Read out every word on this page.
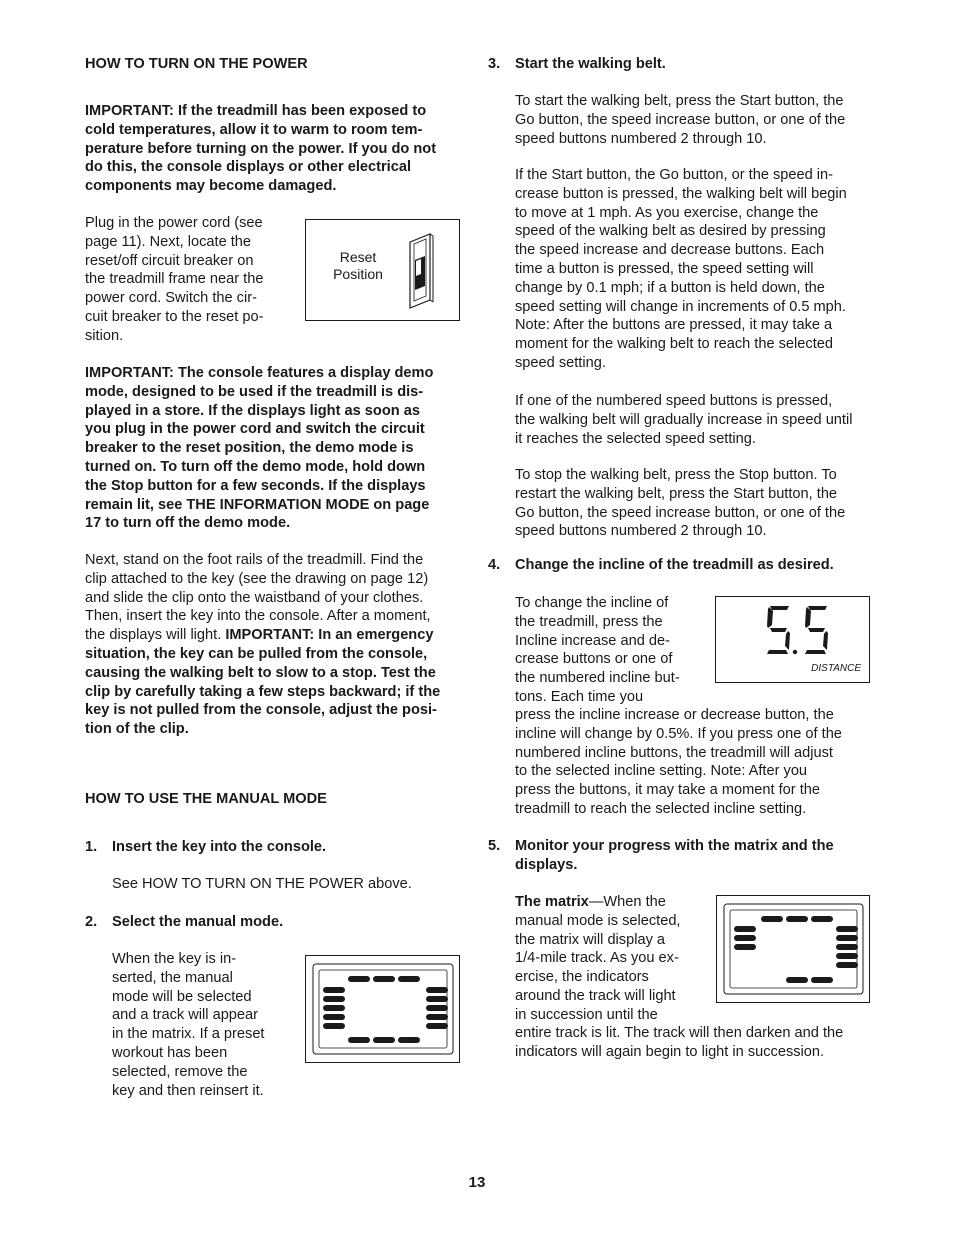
HOW TO TURN ON THE POWER

IMPORTANT: If the treadmill has been exposed to

cold temperatures, allow it to warm to room tem-

perature before turning on the power. If you do not

do this, the console displays or other electrical

components may become damaged.

Plug in the power cord (see

page 11). Next, locate the

reset/off circuit breaker on

the treadmill frame near the

power cord. Switch the cir-

cuit breaker to the reset po-

sition.

Reset
Position

IMPORTANT: The console features a display demo

mode, designed to be used if the treadmill is dis-

played in a store. If the displays light as soon as

you plug in the power cord and switch the circuit

breaker to the reset position, the demo mode is

turned on. To turn off the demo mode, hold down

the Stop button for a few seconds. If the displays

remain lit, see THE INFORMATION MODE on page

17 to turn off the demo mode.

Next, stand on the foot rails of the treadmill. Find the

clip attached to the key (see the drawing on page 12)

and slide the clip onto the waistband of your clothes.

Then, insert the key into the console. After a moment,

the displays will light. IMPORTANT: In an emergency

situation, the key can be pulled from the console,

causing the walking belt to slow to a stop. Test the

clip by carefully taking a few steps backward; if the

key is not pulled from the console, adjust the posi-

tion of the clip.

HOW TO USE THE MANUAL MODE
1. Insert the key into the console.
See HOW TO TURN ON THE POWER above.
2. Select the manual mode.

When the key is in-

serted, the manual

mode will be selected

and a track will appear

in the matrix. If a preset

workout has been

selected, remove the

key and then reinsert it.

3. Start the walking belt.

To start the walking belt, press the Start button, the

Go button, the speed increase button, or one of the

speed buttons numbered 2 through 10.

If the Start button, the Go button, or the speed in-

crease button is pressed, the walking belt will begin

to move at 1 mph. As you exercise, change the

speed of the walking belt as desired by pressing

the speed increase and decrease buttons. Each

time a button is pressed, the speed setting will

change by 0.1 mph; if a button is held down, the

speed setting will change in increments of 0.5 mph.

Note: After the buttons are pressed, it may take a

moment for the walking belt to reach the selected

speed setting.

If one of the numbered speed buttons is pressed,

the walking belt will gradually increase in speed until

it reaches the selected speed setting.

To stop the walking belt, press the Stop button. To

restart the walking belt, press the Start button, the

Go button, the speed increase button, or one of the

speed buttons numbered 2 through 10.

4. Change the incline of the treadmill as desired.

To change the incline of

the treadmill, press the

Incline increase and de-

crease buttons or one of

the numbered incline but-

tons. Each time you

DISTANCE

press the incline increase or decrease button, the

incline will change by 0.5%. If you press one of the

numbered incline buttons, the treadmill will adjust

to the selected incline setting. Note: After you

press the buttons, it may take a moment for the

treadmill to reach the selected incline setting.

5. Monitor your progress with the matrix and the

displays.

The matrix—When the

manual mode is selected,

the matrix will display a

1/4-mile track. As you ex-

ercise, the indicators

around the track will light

in succession until the

entire track is lit. The track will then darken and the

indicators will again begin to light in succession.

13
